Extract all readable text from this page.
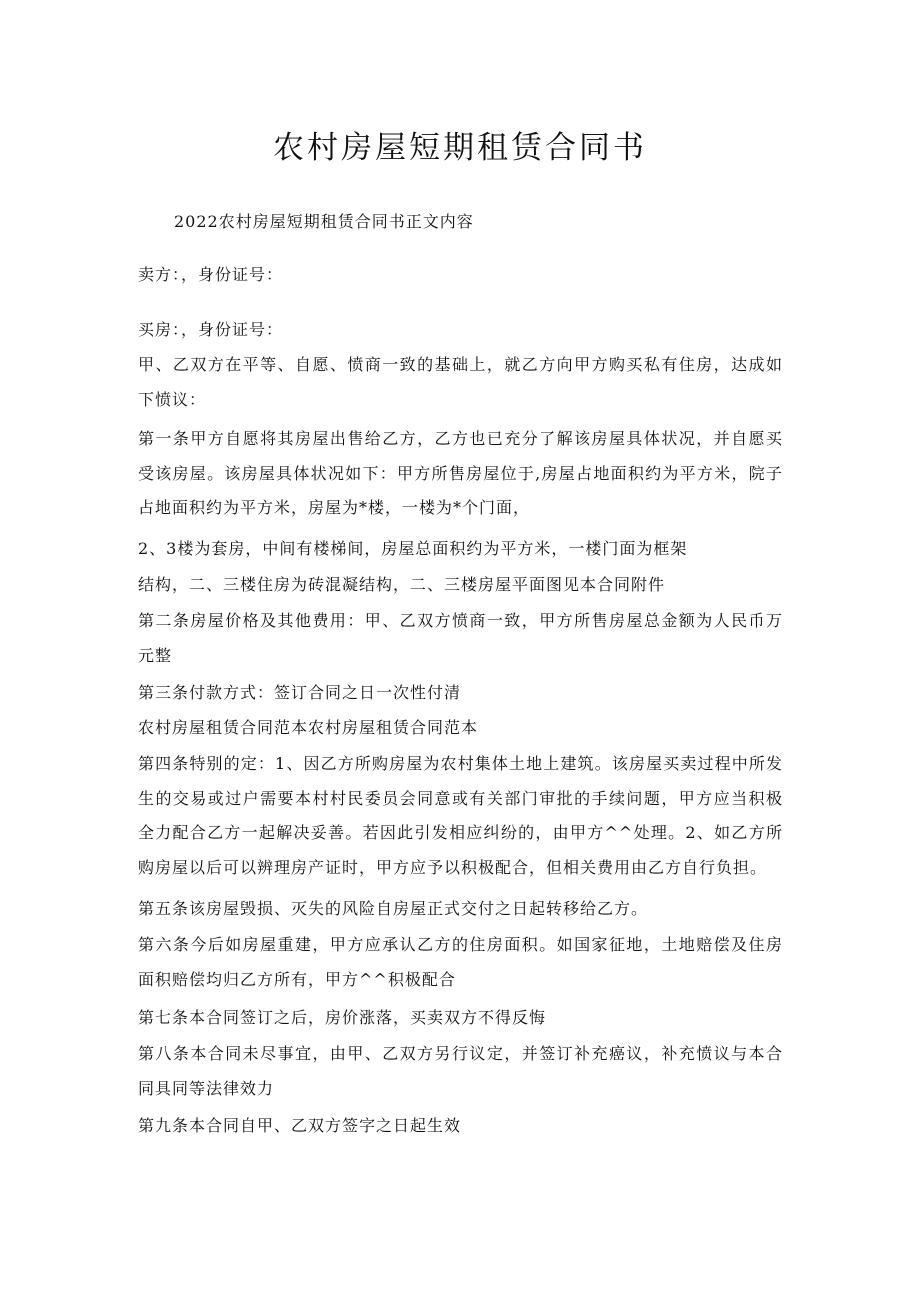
农村房屋短期租赁合同书

2022农村房屋短期租赁合同书正文内容

卖方：，身份证号：

买房：，身份证号：

甲、乙双方在平等、自愿、愤商一致的基础上，就乙方向甲方购买私有住房，达成如下愤议：

第一条甲方自愿将其房屋出售给乙方，乙方也已充分了解该房屋具体状况，并自愿买受该房屋。该房屋具体状况如下：甲方所售房屋位于,房屋占地面积约为平方米，院子占地面积约为平方米，房屋为*楼，一楼为*个门面，

2、3楼为套房，中间有楼梯间，房屋总面积约为平方米，一楼门面为框架

结构，二、三楼住房为砖混凝结构，二、三楼房屋平面图见本合同附件

第二条房屋价格及其他费用：甲、乙双方愤商一致，甲方所售房屋总金额为人民币万元整

第三条付款方式：签订合同之日一次性付清

农村房屋租赁合同范本农村房屋租赁合同范本

第四条特别的定：1、因乙方所购房屋为农村集体土地上建筑。该房屋买卖过程中所发生的交易或过户需要本村村民委员会同意或有关部门审批的手续问题，甲方应当积极全力配合乙方一起解决妥善。若因此引发相应纠纷的，由甲方^^处理。2、如乙方所购房屋以后可以辨理房产证时，甲方应予以积极配合，但相关费用由乙方自行负担。

第五条该房屋毁损、灭失的风险自房屋正式交付之日起转移给乙方。

第六条今后如房屋重建，甲方应承认乙方的住房面积。如国家征地，土地赔偿及住房面积赔偿均归乙方所有，甲方^^积极配合

第七条本合同签订之后，房价涨落，买卖双方不得反悔

第八条本合同未尽事宜，由甲、乙双方另行议定，并签订补充癌议，补充愤议与本合同具同等法律效力

第九条本合同自甲、乙双方签字之日起生效
